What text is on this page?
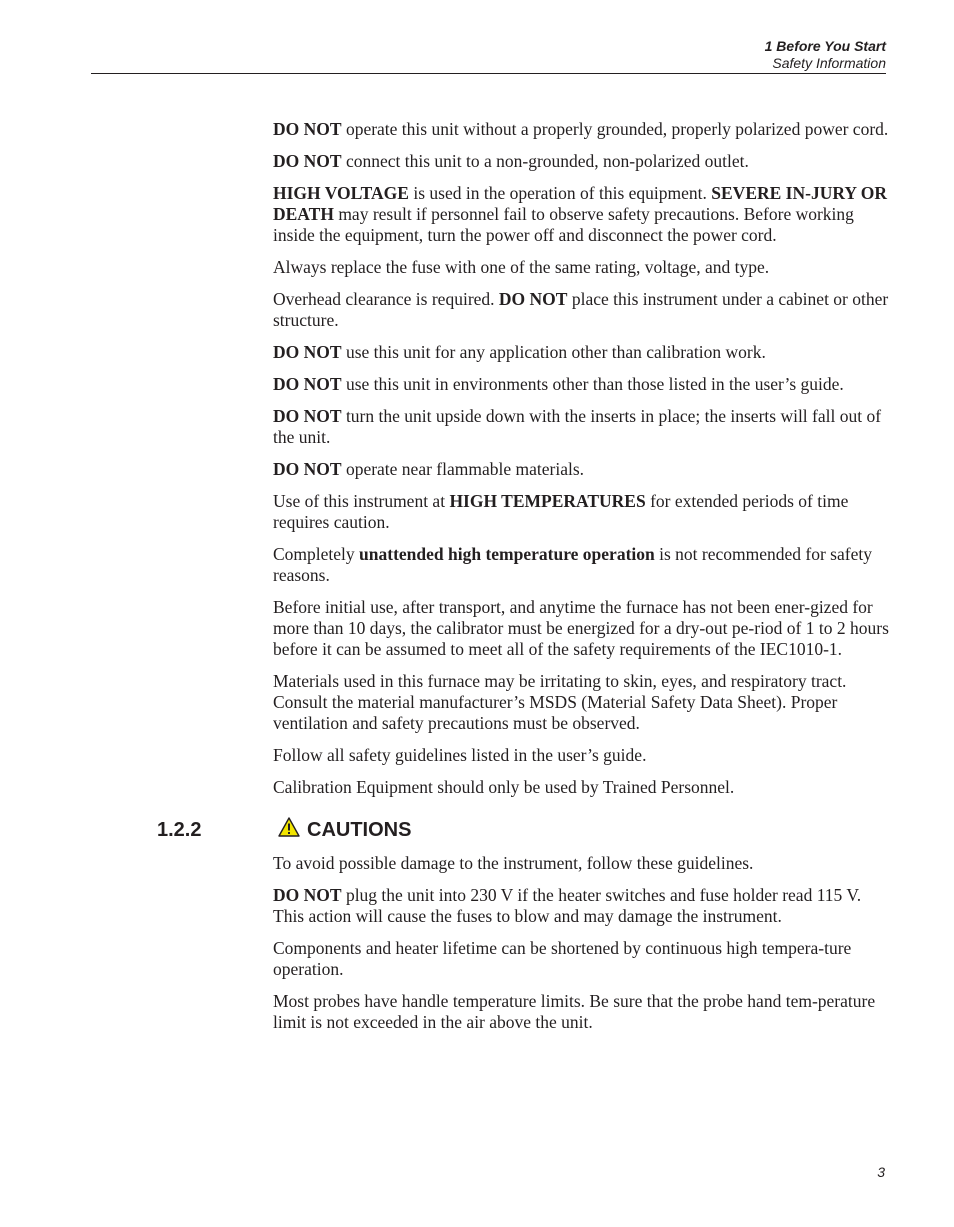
1 Before You Start
Safety Information

DO NOT operate this unit without a properly grounded, properly polarized power cord.

DO NOT connect this unit to a non-grounded, non-polarized outlet.

HIGH VOLTAGE is used in the operation of this equipment. SEVERE IN-JURY OR DEATH may result if personnel fail to observe safety precautions. Before working inside the equipment, turn the power off and disconnect the power cord.

Always replace the fuse with one of the same rating, voltage, and type.

Overhead clearance is required. DO NOT place this instrument under a cabinet or other structure.

DO NOT use this unit for any application other than calibration work.

DO NOT use this unit in environments other than those listed in the user’s guide.

DO NOT turn the unit upside down with the inserts in place; the inserts will fall out of the unit.

DO NOT operate near flammable materials.

Use of this instrument at HIGH TEMPERATURES for extended periods of time requires caution.

Completely unattended high temperature operation is not recommended for safety reasons.

Before initial use, after transport, and anytime the furnace has not been ener-gized for more than 10 days, the calibrator must be energized for a dry-out pe-riod of 1 to 2 hours before it can be assumed to meet all of the safety requirements of the IEC1010-1.

Materials used in this furnace may be irritating to skin, eyes, and respiratory tract. Consult the material manufacturer’s MSDS (Material Safety Data Sheet). Proper ventilation and safety precautions must be observed.

Follow all safety guidelines listed in the user’s guide.

Calibration Equipment should only be used by Trained Personnel.

1.2.2	CAUTIONS

To avoid possible damage to the instrument, follow these guidelines.

DO NOT plug the unit into 230 V if the heater switches and fuse holder read 115 V. This action will cause the fuses to blow and may damage the instrument.

Components and heater lifetime can be shortened by continuous high tempera-ture operation.

Most probes have handle temperature limits. Be sure that the probe hand tem-perature limit is not exceeded in the air above the unit.

3
